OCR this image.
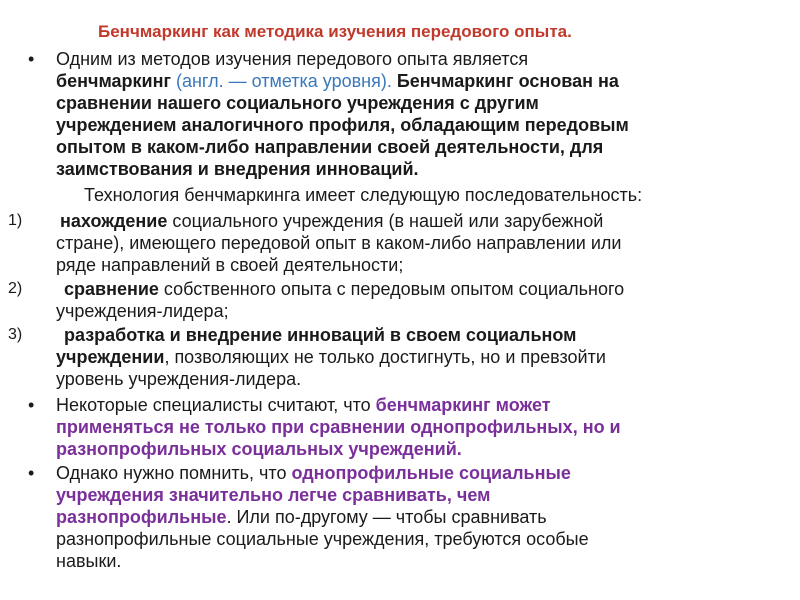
Бенчмаркинг как методика изучения передового опыта.
• Одним из методов изучения передового опыта является
бенчмаркинг (англ. — отметка уровня). Бенчмаркинг основан на
сравнении нашего социального учреждения с другим
учреждением аналогичного профиля, обладающим передовым
опытом в каком-либо направлении своей деятельности, для
заимствования и внедрения инноваций.
Технология бенчмаркинга имеет следующую последовательность:
1) нахождение социального учреждения (в нашей или зарубежной
стране), имеющего передовой опыт в каком-либо направлении или
ряде направлений в своей деятельности;
2) сравнение собственного опыта с передовым опытом социального
учреждения-лидера;
3) разработка и внедрение инноваций в своем социальном
учреждении, позволяющих не только достигнуть, но и превзойти
уровень учреждения-лидера.
• Некоторые специалисты считают, что бенчмаркинг может
применяться не только при сравнении однопрофильных, но и
разнопрофильных социальных учреждений.
• Однако нужно помнить, что однопрофильные социальные
учреждения значительно легче сравнивать, чем
разнопрофильные. Или по-другому — чтобы сравнивать
разнопрофильные социальные учреждения, требуются особые
навыки.
